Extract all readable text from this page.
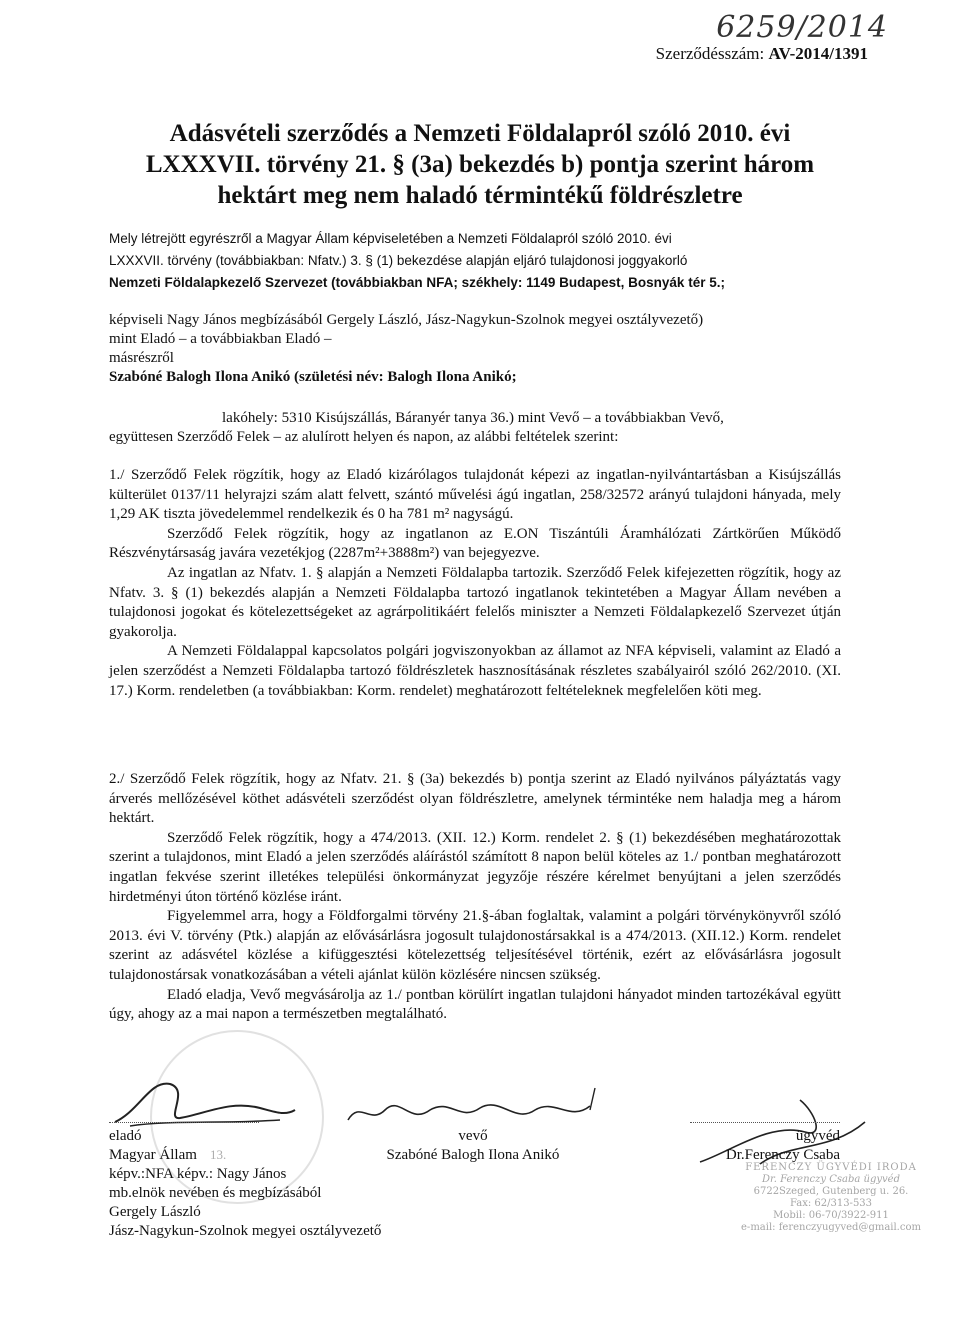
6259/2014
Szerződésszám: AV-2014/1391
Adásvételi szerződés a Nemzeti Földalapról szóló 2010. évi
LXXXVII. törvény 21. § (3a) bekezdés b) pontja szerint három
hektárt meg nem haladó términtékű földrészletre
Mely létrejött egyrészről a Magyar Állam képviseletében a Nemzeti Földalapról szóló 2010. évi
LXXXVII. törvény (továbbiakban: Nfatv.) 3. § (1) bekezdése alapján eljáró tulajdonosi joggyakorló
Nemzeti Földalapkezelő Szervezet (továbbiakban NFA; székhely: 1149 Budapest, Bosnyák tér 5.;
képviseli Nagy János megbízásából Gergely László, Jász-Nagykun-Szolnok megyei osztályvezető)
mint Eladó – a továbbiakban Eladó –
másrészről
Szabóné Balogh Ilona Anikó (születési név: Balogh Ilona Anikó;
lakóhely: 5310 Kisújszállás, Báranyér tanya 36.) mint Vevő – a továbbiakban Vevő,
együttesen Szerződő Felek – az alulírott helyen és napon, az alábbi feltételek szerint:

1./ Szerződő Felek rögzítik, hogy az Eladó kizárólagos tulajdonát képezi az ingatlan-nyilvántartásban a Kisújszállás külterület 0137/11 helyrajzi szám alatt felvett, szántó művelési ágú ingatlan, 258/32572 arányú tulajdoni hányada, mely 1,29 AK tiszta jövedelemmel rendelkezik és 0 ha 781 m² nagyságú.

Szerződő Felek rögzítik, hogy az ingatlanon az E.ON Tiszántúli Áramhálózati Zártkörűen Működő Részvénytársaság javára vezetékjog (2287m²+3888m²) van bejegyezve.

Az ingatlan az Nfatv. 1. § alapján a Nemzeti Földalapba tartozik. Szerződő Felek kifejezetten rögzítik, hogy az Nfatv. 3. § (1) bekezdés alapján a Nemzeti Földalapba tartozó ingatlanok tekintetében a Magyar Állam nevében a tulajdonosi jogokat és kötelezettségeket az agrárpolitikáért felelős miniszter a Nemzeti Földalapkezelő Szervezet útján gyakorolja.

A Nemzeti Földalappal kapcsolatos polgári jogviszonyokban az államot az NFA képviseli, valamint az Eladó a jelen szerződést a Nemzeti Földalapba tartozó földrészletek hasznosításának részletes szabályairól szóló 262/2010. (XI. 17.) Korm. rendeletben (a továbbiakban: Korm. rendelet) meghatározott feltételeknek megfelelően köti meg.

2./ Szerződő Felek rögzítik, hogy az Nfatv. 21. § (3a) bekezdés b) pontja szerint az Eladó nyilvános pályáztatás vagy árverés mellőzésével köthet adásvételi szerződést olyan földrészletre, amelynek términtéke nem haladja meg a három hektárt.

Szerződő Felek rögzítik, hogy a 474/2013. (XII. 12.) Korm. rendelet 2. § (1) bekezdésében meghatározottak szerint a tulajdonos, mint Eladó a jelen szerződés aláírástól számított 8 napon belül köteles az 1./ pontban meghatározott ingatlan fekvése szerint illetékes települési önkormányzat jegyzője részére kérelmet benyújtani a jelen szerződés hirdetményi úton történő közlése iránt.

Figyelemmel arra, hogy a Földforgalmi törvény 21.§-ában foglaltak, valamint a polgári törvénykönyvről szóló 2013. évi V. törvény (Ptk.) alapján az elővásárlásra jogosult tulajdonostársakkal is a 474/2013. (XII.12.) Korm. rendelet szerint az adásvétel közlése a kifüggesztési kötelezettség teljesítésével történik, ezért az elővásárlásra jogosult tulajdonostársak vonatkozásában a vételi ajánlat külön közlésére nincsen szükség.

Eladó eladja, Vevő megvásárolja az 1./ pontban körülírt ingatlan tulajdoni hányadot minden tartozékával együtt úgy, ahogy az a mai napon a természetben megtalálható.

13.
eladó
Magyar Állam
képv.:NFA képv.: Nagy János
mb.elnök nevében és megbízásából
Gergely László
Jász-Nagykun-Szolnok megyei osztályvezető
vevő
Szabóné Balogh Ilona Anikó
ügyvéd
Dr.Ferenczy Csaba
FERENCZY ÜGYVÉDI IRODA
Dr. Ferenczy Csaba ügyvéd
6722Szeged, Gutenberg u. 26.
Fax: 62/313-533
Mobil: 06-70/3922-911
e-mail: ferenczyugyved@gmail.com
